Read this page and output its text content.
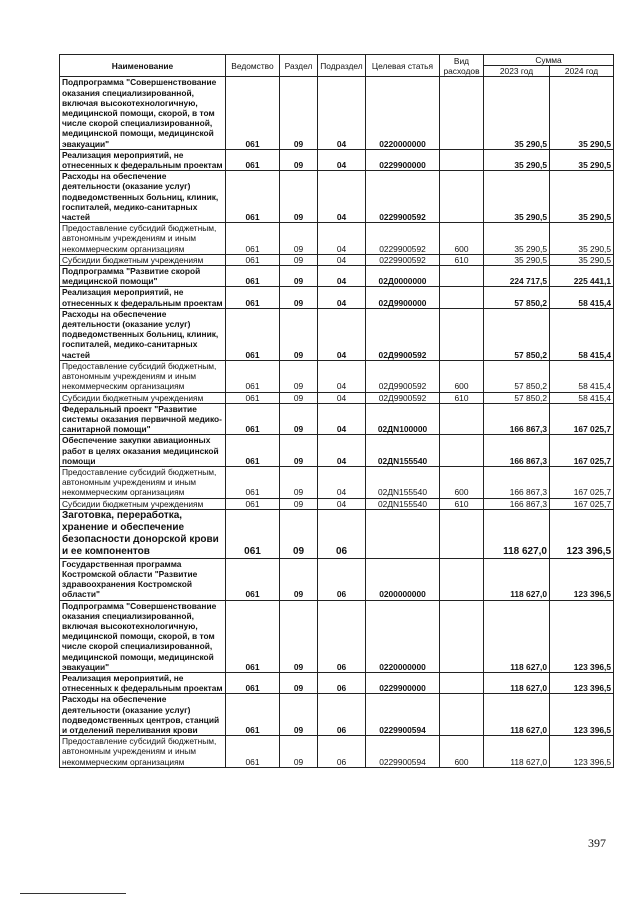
Наименование	Ведомство	Раздел	Подраздел	Целевая статья	Вид расходов	Сумма	
						2023 год	2024 год
Подпрограмма "Совершенствование оказания специализированной, включая высокотехнологичную, медицинской помощи, скорой, в том числе скорой специализированной, медицинской помощи, медицинской эвакуации"	061	09	04	0220000000		35 290,5	35 290,5
Реализация мероприятий, не отнесенных к федеральным проектам	061	09	04	0229900000		35 290,5	35 290,5
Расходы на обеспечение деятельности (оказание услуг) подведомственных больниц, клиник, госпиталей, медико-санитарных частей	061	09	04	0229900592		35 290,5	35 290,5
Предоставление субсидий бюджетным, автономным учреждениям и иным некоммерческим организациям	061	09	04	0229900592	600	35 290,5	35 290,5
Субсидии бюджетным учреждениям	061	09	04	0229900592	610	35 290,5	35 290,5
Подпрограмма "Развитие скорой медицинской помощи"	061	09	04	02Д0000000		224 717,5	225 441,1
Реализация мероприятий, не отнесенных к федеральным проектам	061	09	04	02Д9900000		57 850,2	58 415,4
Расходы на обеспечение деятельности (оказание услуг) подведомственных больниц, клиник, госпиталей, медико-санитарных частей	061	09	04	02Д9900592		57 850,2	58 415,4
Предоставление субсидий бюджетным, автономным учреждениям и иным некоммерческим организациям	061	09	04	02Д9900592	600	57 850,2	58 415,4
Субсидии бюджетным учреждениям	061	09	04	02Д9900592	610	57 850,2	58 415,4
Федеральный проект "Развитие системы оказания первичной медико-санитарной помощи"	061	09	04	02ДN100000		166 867,3	167 025,7
Обеспечение закупки авиационных работ в целях оказания медицинской помощи	061	09	04	02ДN155540		166 867,3	167 025,7
Предоставление субсидий бюджетным, автономным учреждениям и иным некоммерческим организациям	061	09	04	02ДN155540	600	166 867,3	167 025,7
Субсидии бюджетным учреждениям	061	09	04	02ДN155540	610	166 867,3	167 025,7
Заготовка, переработка, хранение и обеспечение безопасности донорской крови и ее компонентов	061	09	06			118 627,0	123 396,5
Государственная программа Костромской области "Развитие здравоохранения Костромской области"	061	09	06	0200000000		118 627,0	123 396,5
Подпрограмма "Совершенствование оказания специализированной, включая высокотехнологичную, медицинской помощи, скорой, в том числе скорой специализированной, медицинской помощи, медицинской эвакуации"	061	09	06	0220000000		118 627,0	123 396,5
Реализация мероприятий, не отнесенных к федеральным проектам	061	09	06	0229900000		118 627,0	123 396,5
Расходы на обеспечение деятельности (оказание услуг) подведомственных центров, станций и отделений переливания крови	061	09	06	0229900594		118 627,0	123 396,5
Предоставление субсидий бюджетным, автономным учреждениям и иным некоммерческим организациям	061	09	06	0229900594	600	118 627,0	123 396,5
397
